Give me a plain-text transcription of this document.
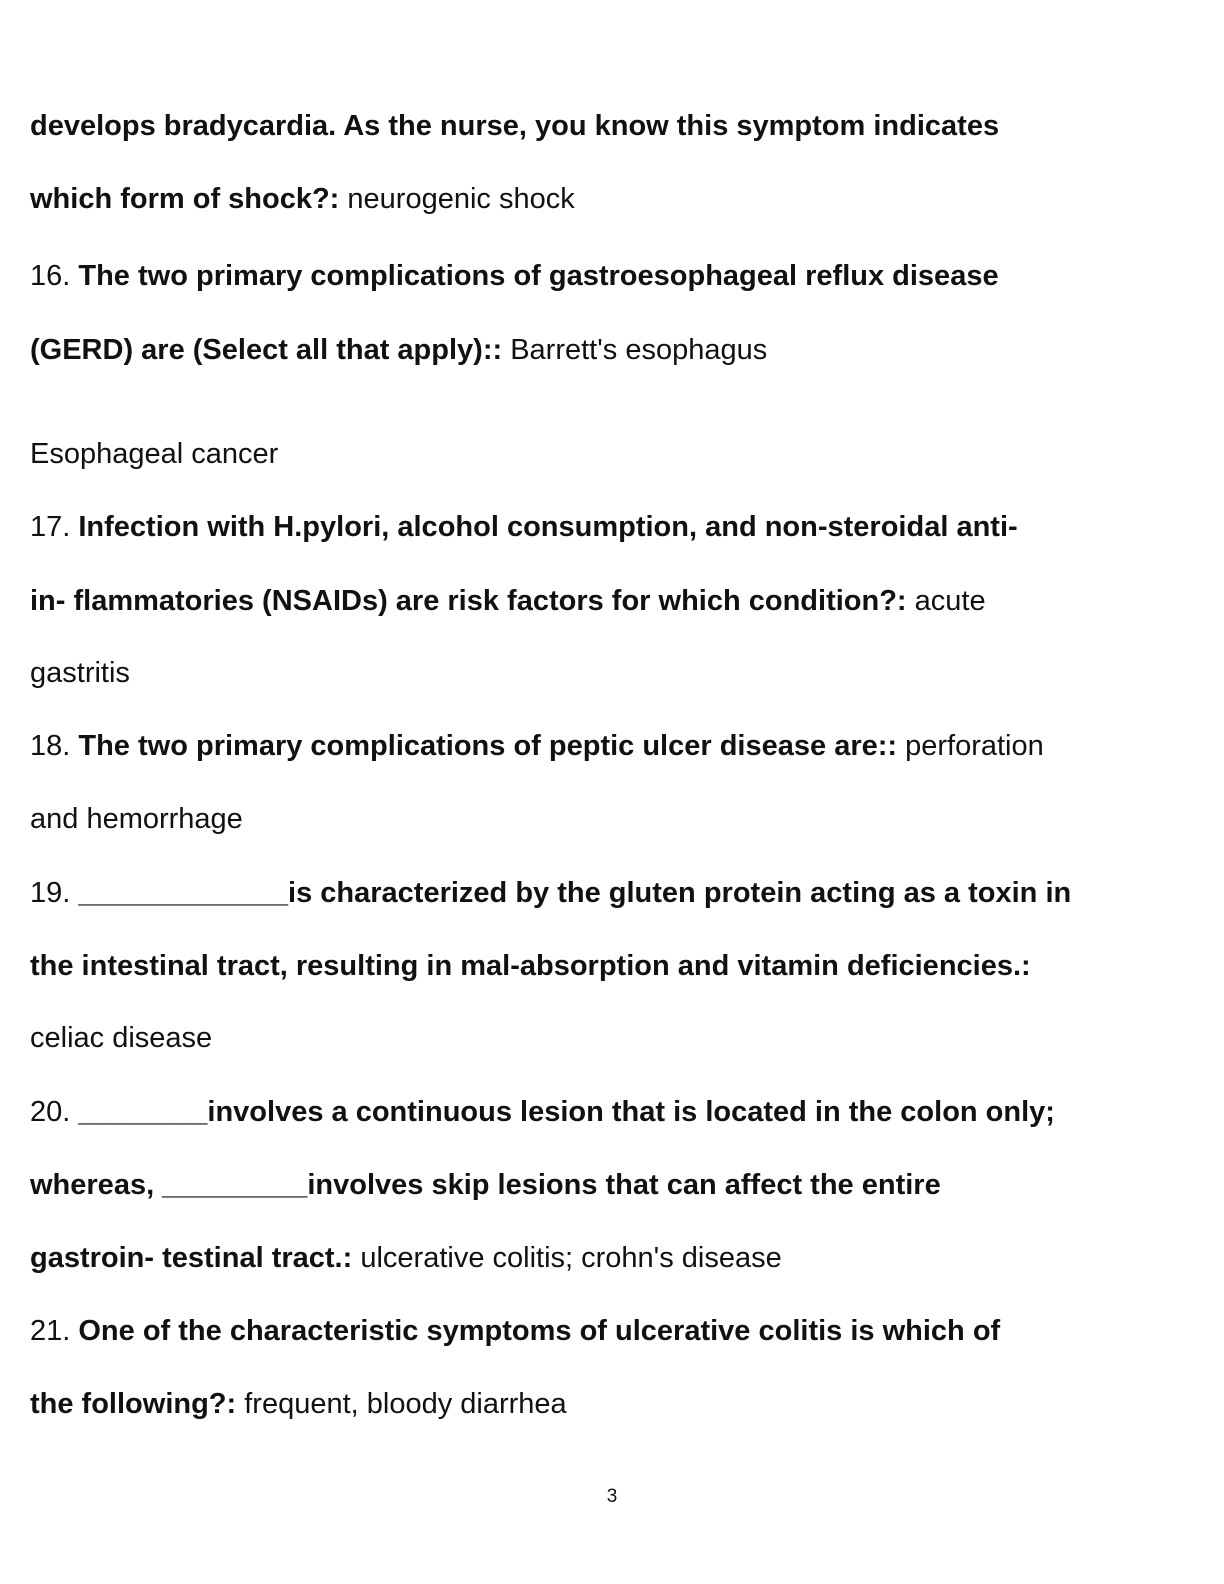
develops bradycardia. As the nurse, you know this symptom indicates
which form of shock?: neurogenic shock
16. The two primary complications of gastroesophageal reflux disease
(GERD) are (Select all that apply):: Barrett's esophagus
Esophageal cancer
17. Infection with H.pylori, alcohol consumption, and non-steroidal anti-
in- flammatories (NSAIDs) are risk factors for which condition?: acute
gastritis
18. The two primary complications of peptic ulcer disease are:: perforation
and hemorrhage
19. _____________is characterized by the gluten protein acting as a toxin in
the intestinal tract, resulting in mal-absorption and vitamin deficiencies.:
celiac disease
20. ________involves a continuous lesion that is located in the colon only;
whereas, _________involves skip lesions that can affect the entire
gastroin- testinal tract.: ulcerative colitis; crohn's disease
21. One of the characteristic symptoms of ulcerative colitis is which of
the following?: frequent, bloody diarrhea
3
